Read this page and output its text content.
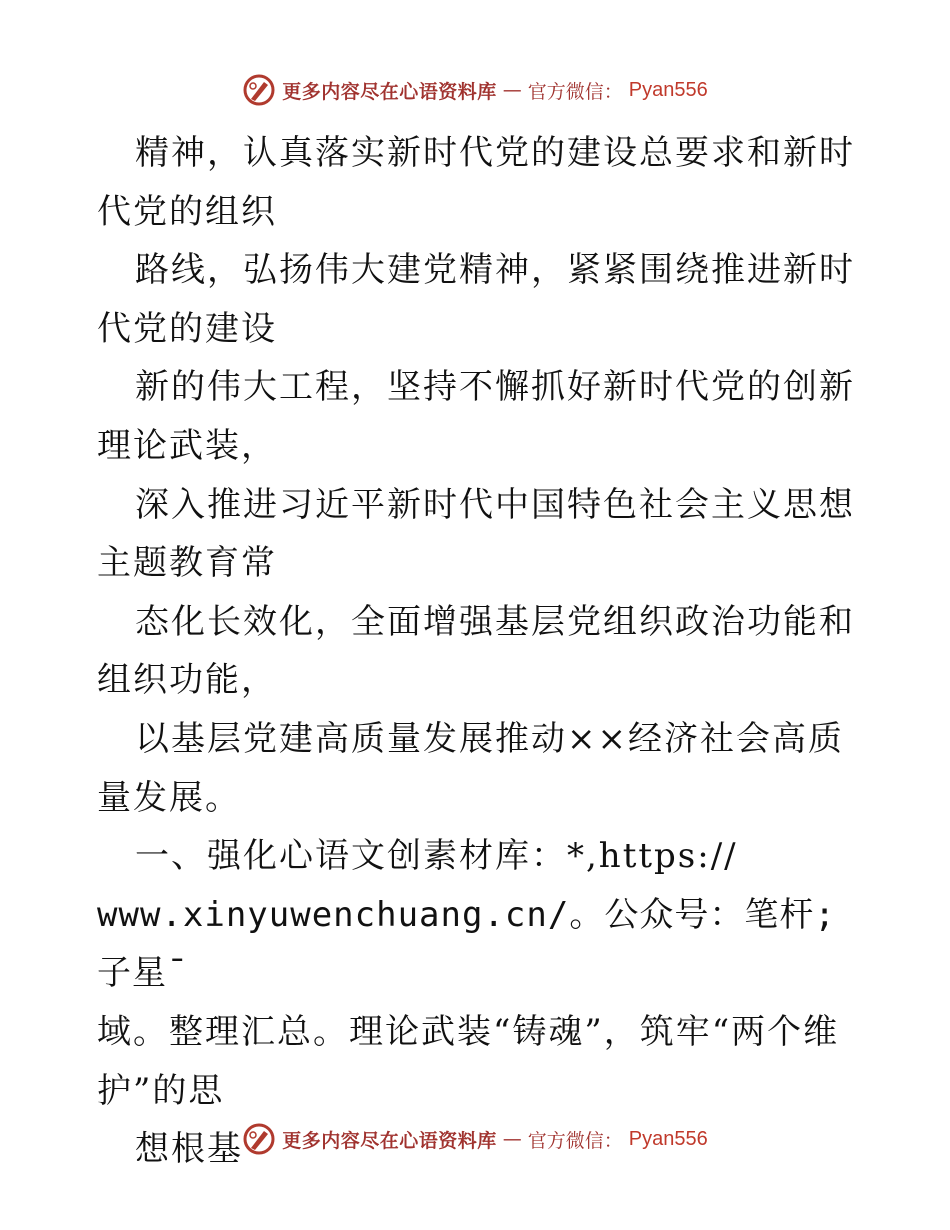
更多内容尽在心语资料库 — 官方微信： Pyan556

精神，认真落实新时代党的建设总要求和新时代党的组织

路线，弘扬伟大建党精神，紧紧围绕推进新时代党的建设

新的伟大工程，坚持不懈抓好新时代党的创新理论武装，

深入推进习近平新时代中国特色社会主义思想主题教育常

态化长效化，全面增强基层党组织政治功能和组织功能，

以基层党建高质量发展推动××经济社会高质量发展。

一、强化心语文创素材库：*,https://

www.xinyuwenchuang.cn/。公众号：笔杆;子星¯

域。整理汇总。理论武装“铸魂”，筑牢“两个维护”的思

想根基	更多内容尽在心语资料库 — 官方微信： Pyan556
